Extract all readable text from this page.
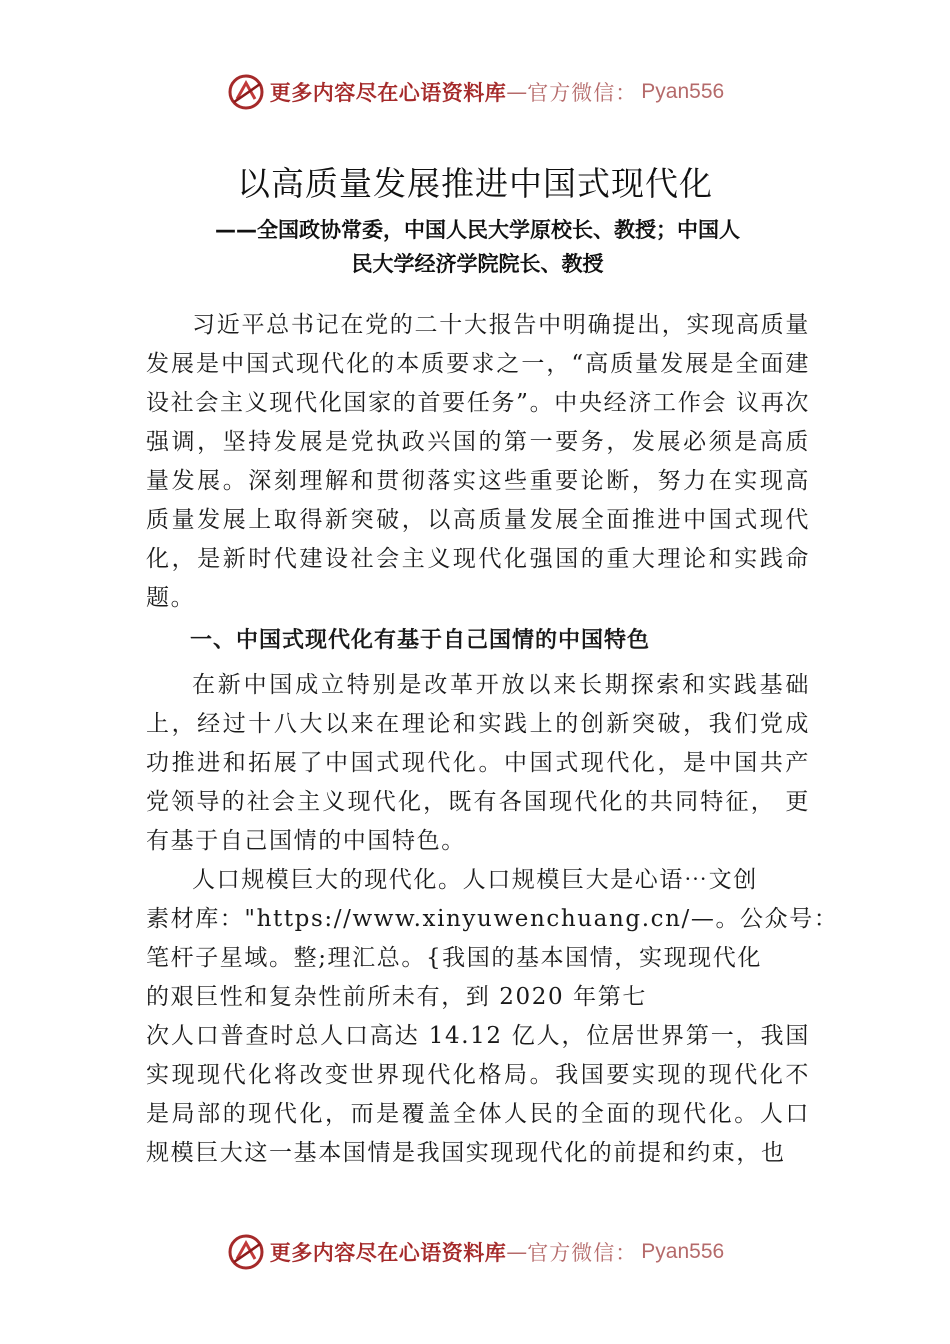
更多内容尽在心语资料库 — 官方微信： Pyan556
以高质量发展推进中国式现代化
——全国政协常委，中国人民大学原校长、教授；中国人
民大学经济学院院长、教授

习近平总书记在党的二十大报告中明确提出，实现高质量发展是中国式现代化的本质要求之一，“高质量发展是全面建设社会主义现代化国家的首要任务”。中央经济工作会 议再次强调，坚持发展是党执政兴国的第一要务，发展必须是高质量发展。深刻理解和贯彻落实这些重要论断，努力在实现高质量发展上取得新突破，以高质量发展全面推进中国式现代化，是新时代建设社会主义现代化强国的重大理论和实践命题。

一、中国式现代化有基于自己国情的中国特色

在新中国成立特别是改革开放以来长期探索和实践基础上，经过十八大以来在理论和实践上的创新突破，我们党成功推进和拓展了中国式现代化。中国式现代化，是中国共产党领导的社会主义现代化，既有各国现代化的共同特征， 更有基于自己国情的中国特色。

人口规模巨大的现代化。人口规模巨大是心语⋯文创
素材库："https://www.xinyuwenchuang.cn/—。公众号：
笔杆子星域。整;理汇总。{我国的基本国情，实现现代化
的艰巨性和复杂性前所未有，到 2020 年第七

次人口普查时总人口高达 14.12 亿人，位居世界第一，我国实现现代化将改变世界现代化格局。我国要实现的现代化不是局部的现代化，而是覆盖全体人民的全面的现代化。人口规模巨大这一基本国情是我国实现现代化的前提和约束，也

更多内容尽在心语资料库 — 官方微信： Pyan556
